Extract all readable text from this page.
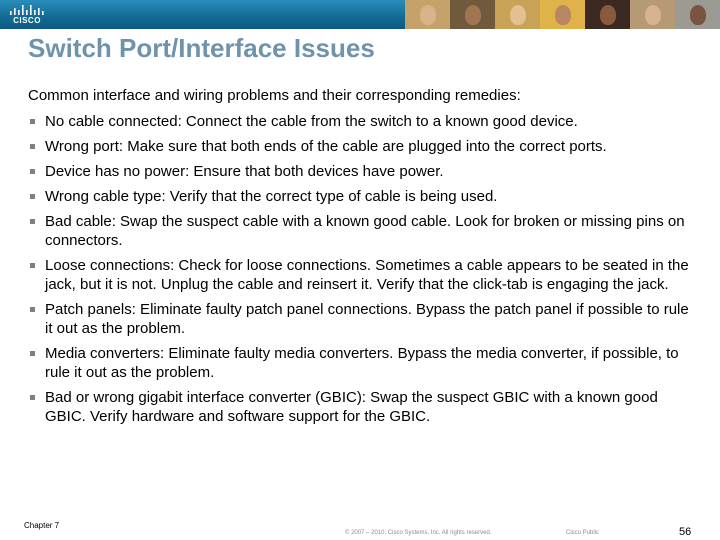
CISCO
Switch Port/Interface Issues

Common interface and wiring problems and their corresponding remedies:

No cable connected: Connect the cable from the switch to a known good device.
Wrong port: Make sure that both ends of the cable are plugged into the correct ports.
Device has no power: Ensure that both devices have power.
Wrong cable type: Verify that the correct type of cable is being used.
Bad cable: Swap the suspect cable with a known good cable. Look for broken or missing pins on connectors.
Loose connections: Check for loose connections. Sometimes a cable appears to be seated in the jack, but it is not. Unplug the cable and reinsert it. Verify that the click-tab is engaging the jack.
Patch panels: Eliminate faulty patch panel connections. Bypass the patch panel if possible to rule it out as the problem.
Media converters: Eliminate faulty media converters. Bypass the media converter, if possible, to rule it out as the problem.
Bad or wrong gigabit interface converter (GBIC): Swap the suspect GBIC with a known good GBIC. Verify hardware and software support for the GBIC.
Chapter 7
© 2007 – 2010, Cisco Systems, Inc. All rights reserved.	Cisco Public	56
